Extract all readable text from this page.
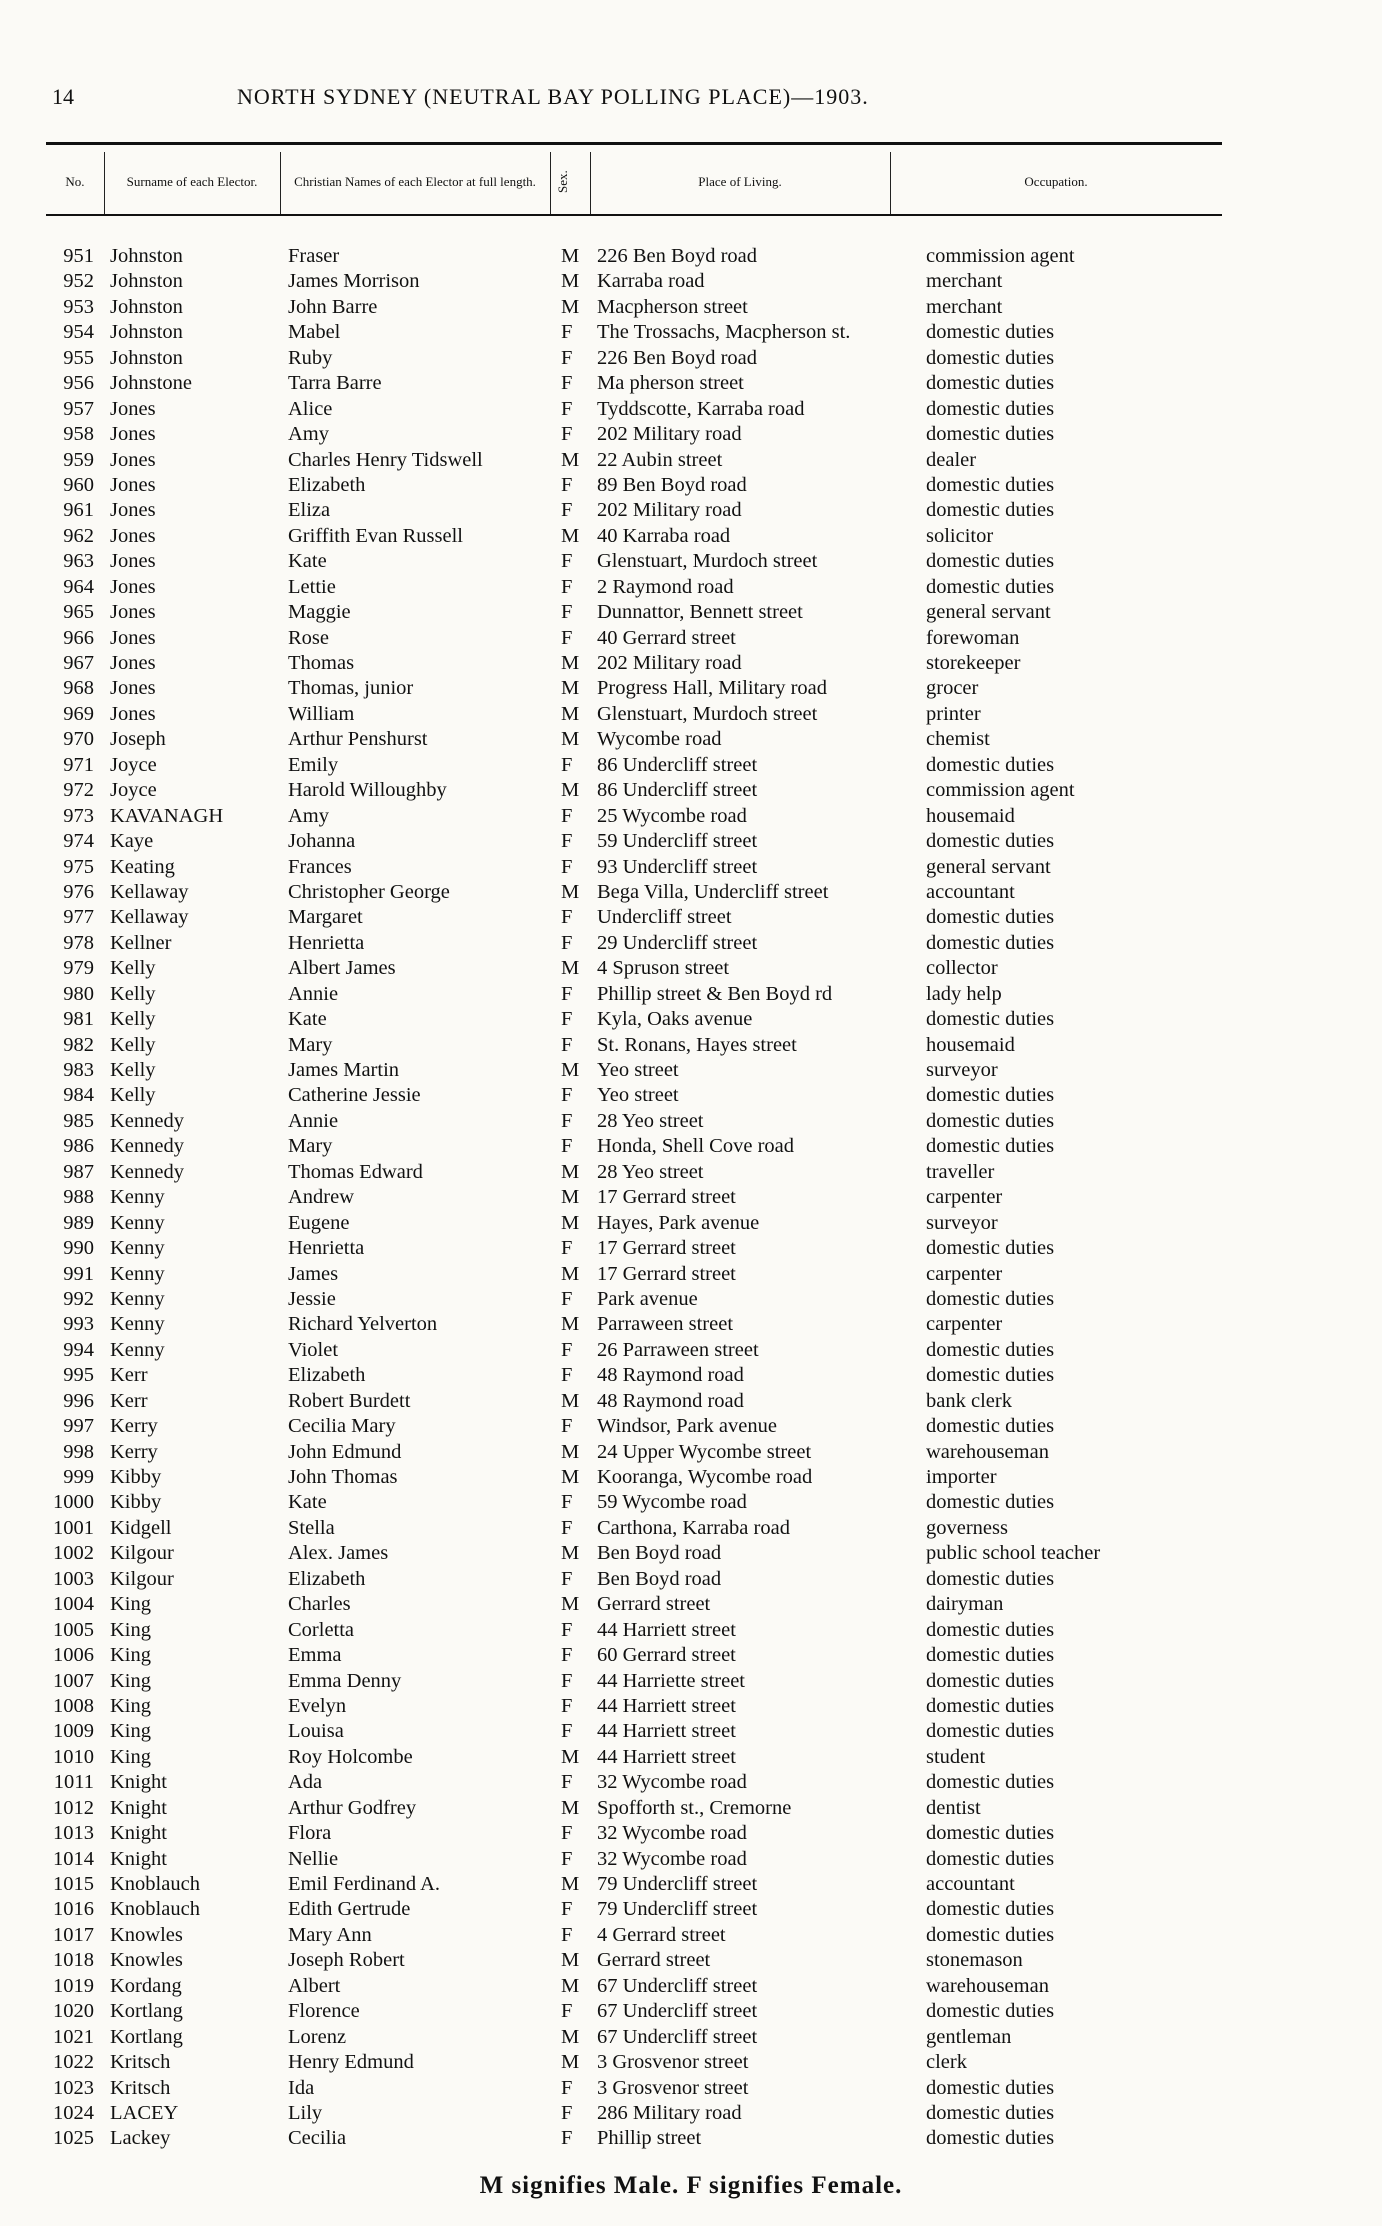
14	NORTH SYDNEY (NEUTRAL BAY POLLING PLACE)—1903.
No.	Surname of each Elector.	Christian Names of each Elector at full length.	Sex.	Place of Living.	Occupation.
951 Johnston	Fraser	M 226 Ben Boyd road	commission agent
952 Johnston	James Morrison	M Karraba road	merchant
953 Johnston	John Barre	M Macpherson street	merchant
954 Johnston	Mabel	F The Trossachs, Macpherson st.	domestic duties
955 Johnston	Ruby	F 226 Ben Boyd road	domestic duties
956 Johnstone	Tarra Barre	F Ma pherson street	domestic duties
957 Jones	Alice	F Tyddscotte, Karraba road	domestic duties
958 Jones	Amy	F 202 Military road	domestic duties
959 Jones	Charles Henry Tidswell	M 22 Aubin street	dealer
960 Jones	Elizabeth	F 89 Ben Boyd road	domestic duties
961 Jones	Eliza	F 202 Military road	domestic duties
962 Jones	Griffith Evan Russell	M 40 Karraba road	solicitor
963 Jones	Kate	F Glenstuart, Murdoch street	domestic duties
964 Jones	Lettie	F 2 Raymond road	domestic duties
965 Jones	Maggie	F Dunnattor, Bennett street	general servant
966 Jones	Rose	F 40 Gerrard street	forewoman
967 Jones	Thomas	M 202 Military road	storekeeper
968 Jones	Thomas, junior	M Progress Hall, Military road	grocer
969 Jones	William	M Glenstuart, Murdoch street	printer
970 Joseph	Arthur Penshurst	M Wycombe road	chemist
971 Joyce	Emily	F 86 Undercliff street	domestic duties
972 Joyce	Harold Willoughby	M 86 Undercliff street	commission agent
973 KAVANAGH	Amy	F 25 Wycombe road	housemaid
974 Kaye	Johanna	F 59 Undercliff street	domestic duties
975 Keating	Frances	F 93 Undercliff street	general servant
976 Kellaway	Christopher George	M Bega Villa, Undercliff street	accountant
977 Kellaway	Margaret	F Undercliff street	domestic duties
978 Kellner	Henrietta	F 29 Undercliff street	domestic duties
979 Kelly	Albert James	M 4 Spruson street	collector
980 Kelly	Annie	F Phillip street & Ben Boyd rd	lady help
981 Kelly	Kate	F Kyla, Oaks avenue	domestic duties
982 Kelly	Mary	F St. Ronans, Hayes street	housemaid
983 Kelly	James Martin	M Yeo street	surveyor
984 Kelly	Catherine Jessie	F Yeo street	domestic duties
985 Kennedy	Annie	F 28 Yeo street	domestic duties
986 Kennedy	Mary	F Honda, Shell Cove road	domestic duties
987 Kennedy	Thomas Edward	M 28 Yeo street	traveller
988 Kenny	Andrew	M 17 Gerrard street	carpenter
989 Kenny	Eugene	M Hayes, Park avenue	surveyor
990 Kenny	Henrietta	F 17 Gerrard street	domestic duties
991 Kenny	James	M 17 Gerrard street	carpenter
992 Kenny	Jessie	F Park avenue	domestic duties
993 Kenny	Richard Yelverton	M Parraween street	carpenter
994 Kenny	Violet	F 26 Parraween street	domestic duties
995 Kerr	Elizabeth	F 48 Raymond road	domestic duties
996 Kerr	Robert Burdett	M 48 Raymond road	bank clerk
997 Kerry	Cecilia Mary	F Windsor, Park avenue	domestic duties
998 Kerry	John Edmund	M 24 Upper Wycombe street	warehouseman
999 Kibby	John Thomas	M Kooranga, Wycombe road	importer
1000 Kibby	Kate	F 59 Wycombe road	domestic duties
1001 Kidgell	Stella	F Carthona, Karraba road	governess
1002 Kilgour	Alex. James	M Ben Boyd road	public school teacher
1003 Kilgour	Elizabeth	F Ben Boyd road	domestic duties
1004 King	Charles	M Gerrard street	dairyman
1005 King	Corletta	F 44 Harriett street	domestic duties
1006 King	Emma	F 60 Gerrard street	domestic duties
1007 King	Emma Denny	F 44 Harriette street	domestic duties
1008 King	Evelyn	F 44 Harriett street	domestic duties
1009 King	Louisa	F 44 Harriett street	domestic duties
1010 King	Roy Holcombe	M 44 Harriett street	student
1011 Knight	Ada	F 32 Wycombe road	domestic duties
1012 Knight	Arthur Godfrey	M Spofforth st., Cremorne	dentist
1013 Knight	Flora	F 32 Wycombe road	domestic duties
1014 Knight	Nellie	F 32 Wycombe road	domestic duties
1015 Knoblauch	Emil Ferdinand A.	M 79 Undercliff street	accountant
1016 Knoblauch	Edith Gertrude	F 79 Undercliff street	domestic duties
1017 Knowles	Mary Ann	F 4 Gerrard street	domestic duties
1018 Knowles	Joseph Robert	M Gerrard street	stonemason
1019 Kordang	Albert	M 67 Undercliff street	warehouseman
1020 Kortlang	Florence	F 67 Undercliff street	domestic duties
1021 Kortlang	Lorenz	M 67 Undercliff street	gentleman
1022 Kritsch	Henry Edmund	M 3 Grosvenor street	clerk
1023 Kritsch	Ida	F 3 Grosvenor street	domestic duties
1024 LACEY	Lily	F 286 Military road	domestic duties
1025 Lackey	Cecilia	F Phillip street	domestic duties
M signifies Male. F signifies Female.
